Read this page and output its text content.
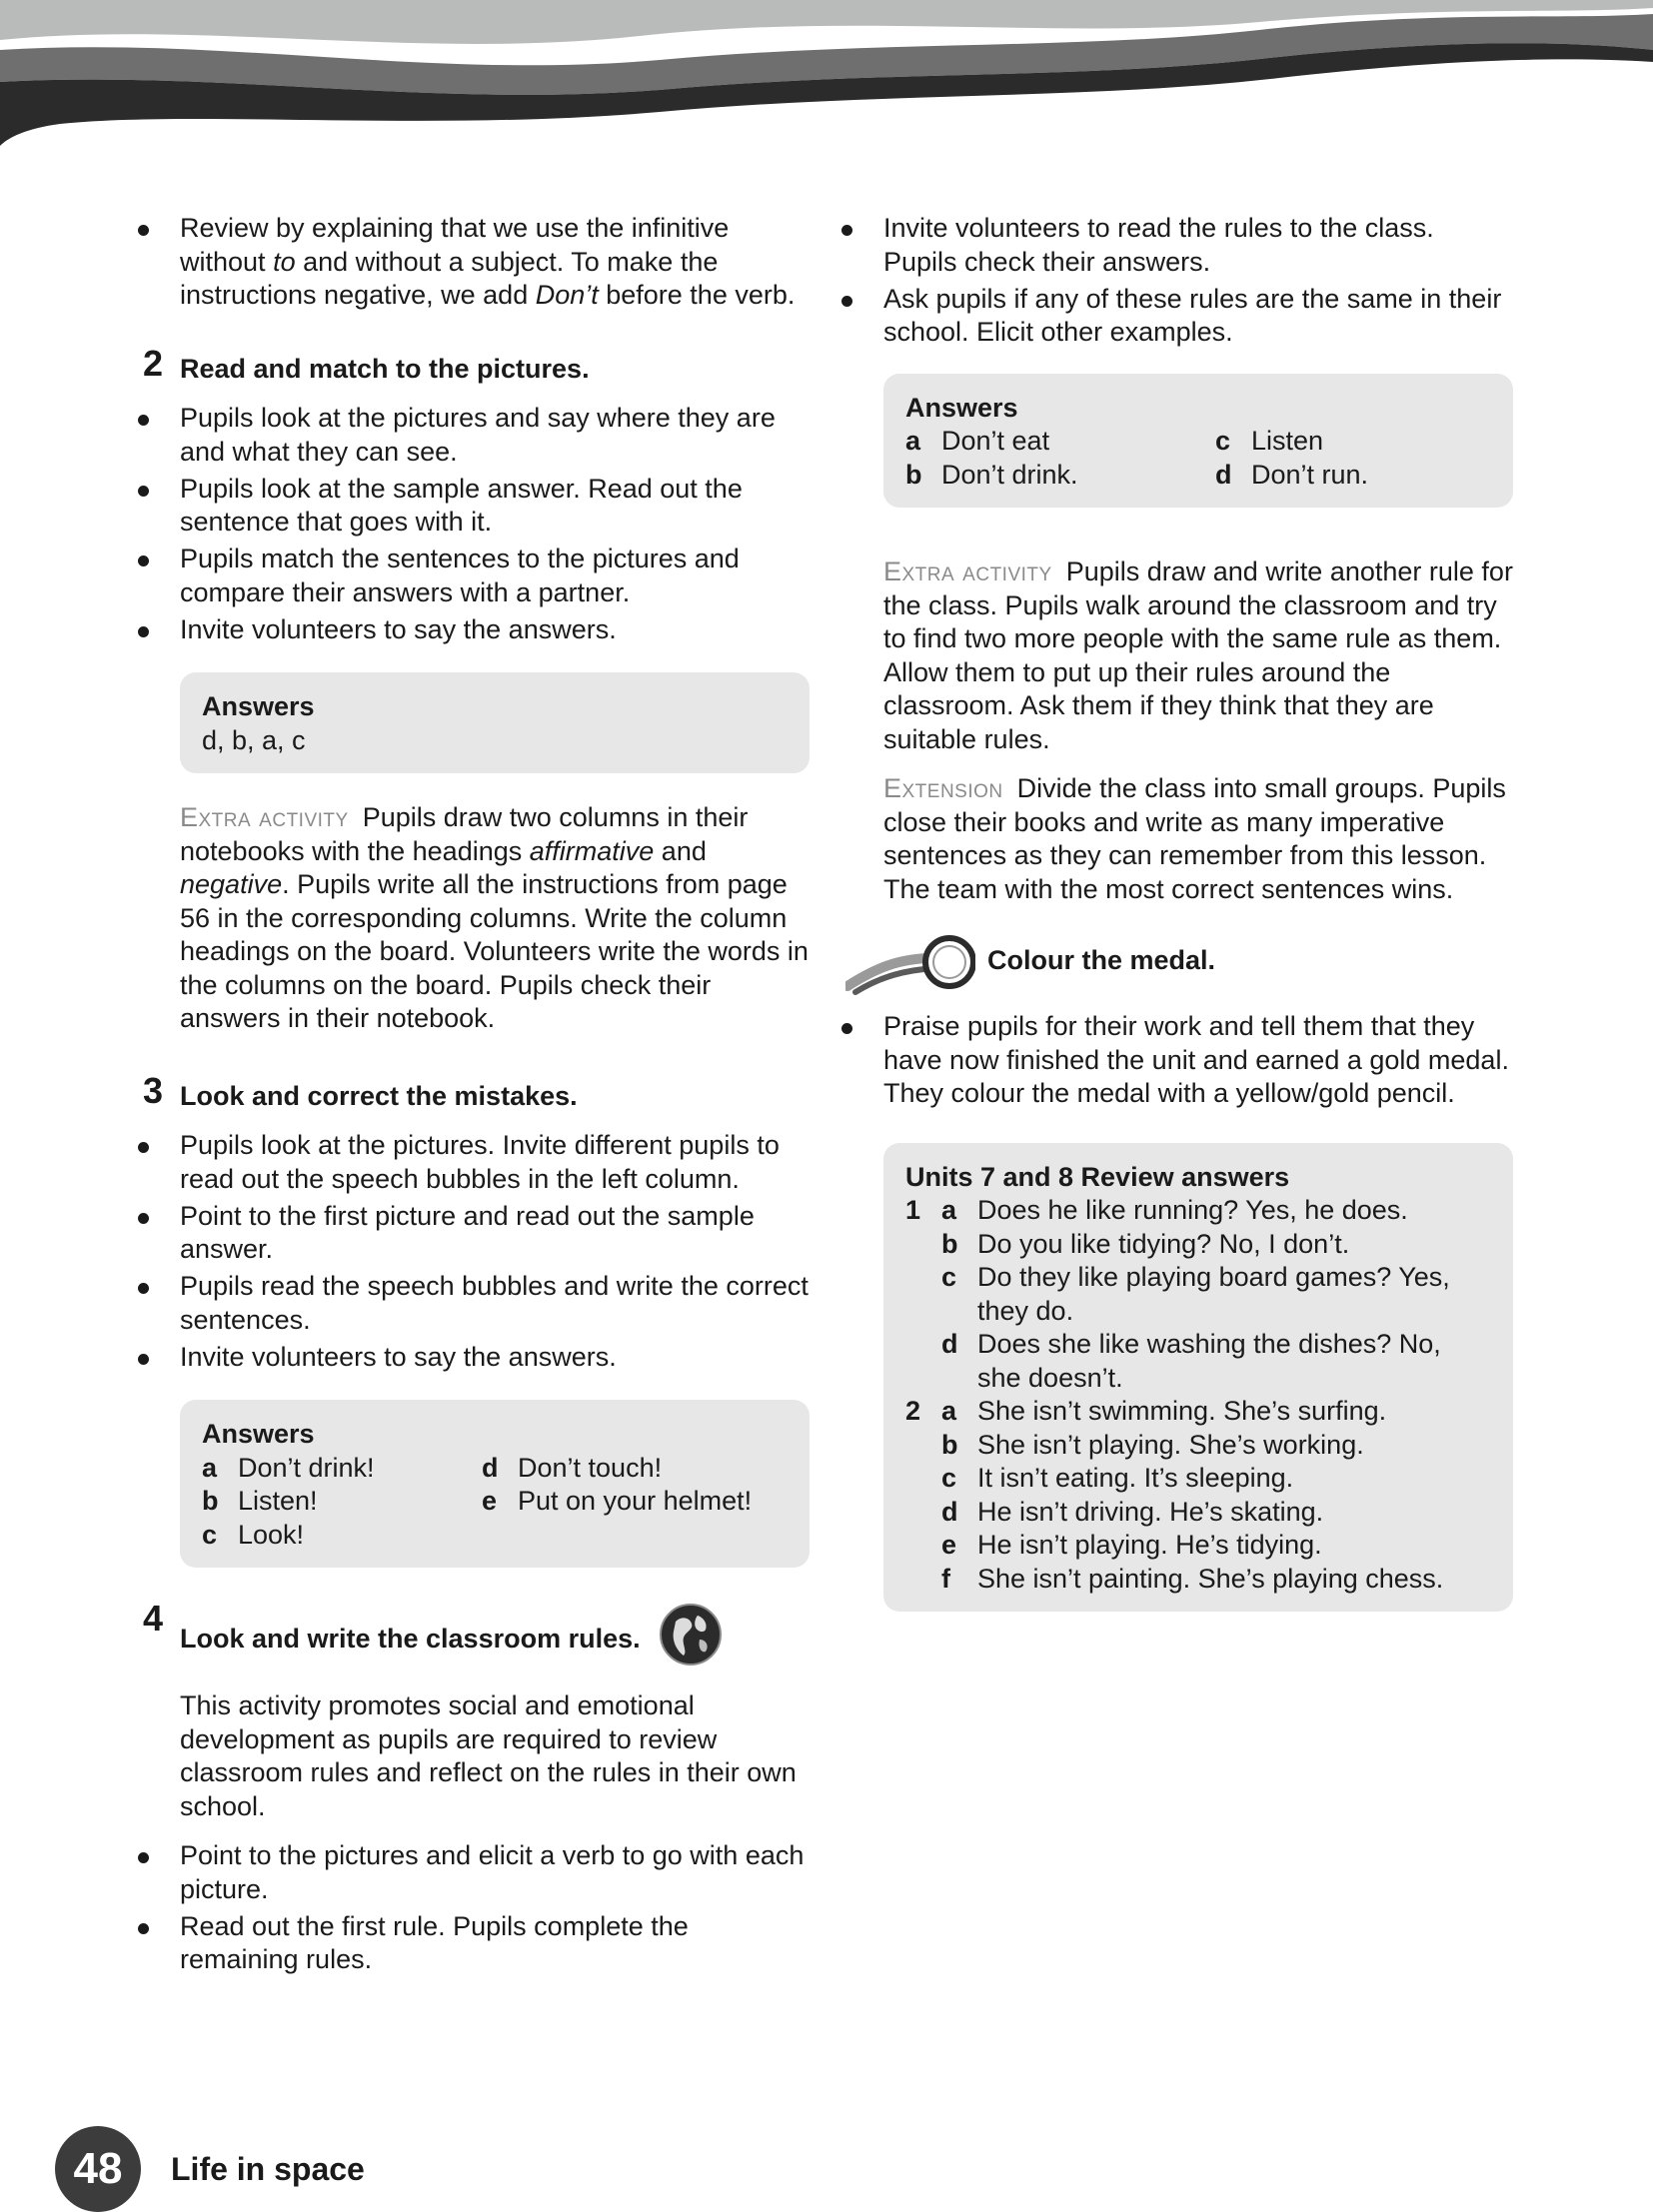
Review by explaining that we use the infinitive without to and without a subject. To make the instructions negative, we add Don’t before the verb.
2 Read and match to the pictures.
Pupils look at the pictures and say where they are and what they can see.
Pupils look at the sample answer. Read out the sentence that goes with it.
Pupils match the sentences to the pictures and compare their answers with a partner.
Invite volunteers to say the answers.
Answers
d, b, a, c

Extra activity Pupils draw two columns in their notebooks with the headings affirmative and negative. Pupils write all the instructions from page 56 in the corresponding columns. Write the column headings on the board. Volunteers write the words in the columns on the board. Pupils check their answers in their notebook.

3 Look and correct the mistakes.
Pupils look at the pictures. Invite different pupils to read out the speech bubbles in the left column.
Point to the first picture and read out the sample answer.
Pupils read the speech bubbles and write the correct sentences.
Invite volunteers to say the answers.
Answers
a Don’t drink!	d Don’t touch!
b Listen!	e Put on your helmet!
c Look!
4
Look and write the classroom rules.

This activity promotes social and emotional development as pupils are required to review classroom rules and reflect on the rules in their own school.

Point to the pictures and elicit a verb to go with each picture.
Read out the first rule. Pupils complete the remaining rules.
Invite volunteers to read the rules to the class. Pupils check their answers.
Ask pupils if any of these rules are the same in their school. Elicit other examples.
Answers
a Don’t eat	c Listen
b Don’t drink.	d Don’t run.

Extra activity Pupils draw and write another rule for the class. Pupils walk around the classroom and try to find two more people with the same rule as them. Allow them to put up their rules around the classroom. Ask them if they think that they are suitable rules.

Extension Divide the class into small groups. Pupils close their books and write as many imperative sentences as they can remember from this lesson. The team with the most correct sentences wins.

Colour the medal.
Praise pupils for their work and tell them that they have now finished the unit and earned a gold medal. They colour the medal with a yellow/gold pencil.
Units 7 and 8 Review answers
1 a Does he like running? Yes, he does.
b Do you like tidying? No, I don’t.
c Do they like playing board games? Yes, they do.
d Does she like washing the dishes? No, she doesn’t.
2 a She isn’t swimming. She’s surfing.
b She isn’t playing. She’s working.
c It isn’t eating. It’s sleeping.
d He isn’t driving. He’s skating.
e He isn’t playing. He’s tidying.
f	She isn’t painting. She’s playing chess.
48	Life in space
